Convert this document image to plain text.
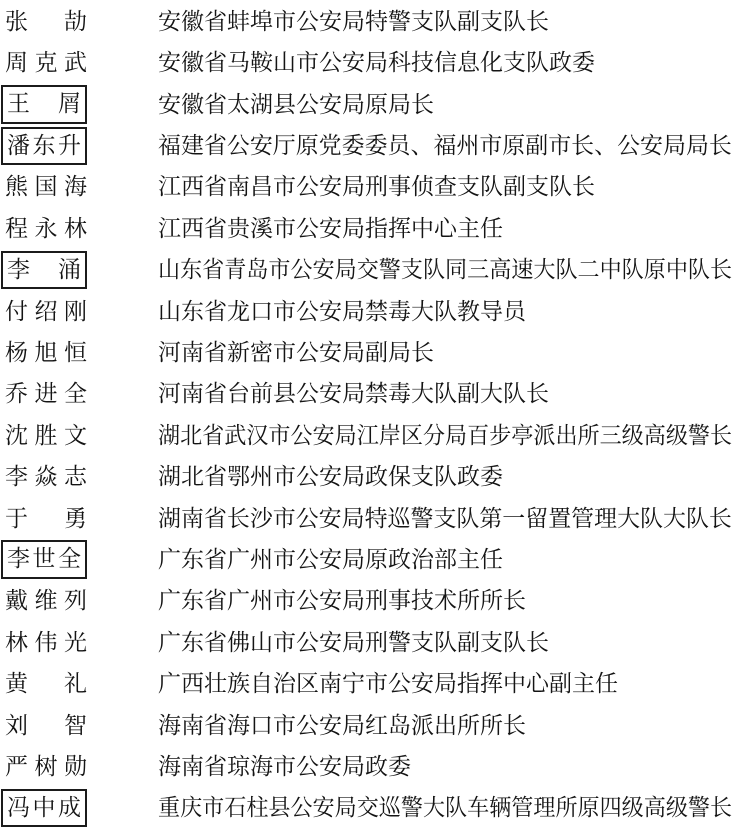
张劼	安徽省蚌埠市公安局特警支队副支队长
周克武	安徽省马鞍山市公安局科技信息化支队政委
王屑	安徽省太湖县公安局原局长
潘东升	福建省公安厅原党委委员、福州市原副市长、公安局局长
熊国海	江西省南昌市公安局刑事侦查支队副支队长
程永林	江西省贵溪市公安局指挥中心主任
李涌	山东省青岛市公安局交警支队同三高速大队二中队原中队长
付绍刚	山东省龙口市公安局禁毒大队教导员
杨旭恒	河南省新密市公安局副局长
乔进全	河南省台前县公安局禁毒大队副大队长
沈胜文	湖北省武汉市公安局江岸区分局百步亭派出所三级高级警长
李焱志	湖北省鄂州市公安局政保支队政委
于勇	湖南省长沙市公安局特巡警支队第一留置管理大队大队长
李世全	广东省广州市公安局原政治部主任
戴维列	广东省广州市公安局刑事技术所所长
林伟光	广东省佛山市公安局刑警支队副支队长
黄礼	广西壮族自治区南宁市公安局指挥中心副主任
刘智	海南省海口市公安局红岛派出所所长
严树勋	海南省琼海市公安局政委
冯中成	重庆市石柱县公安局交巡警大队车辆管理所原四级高级警长
